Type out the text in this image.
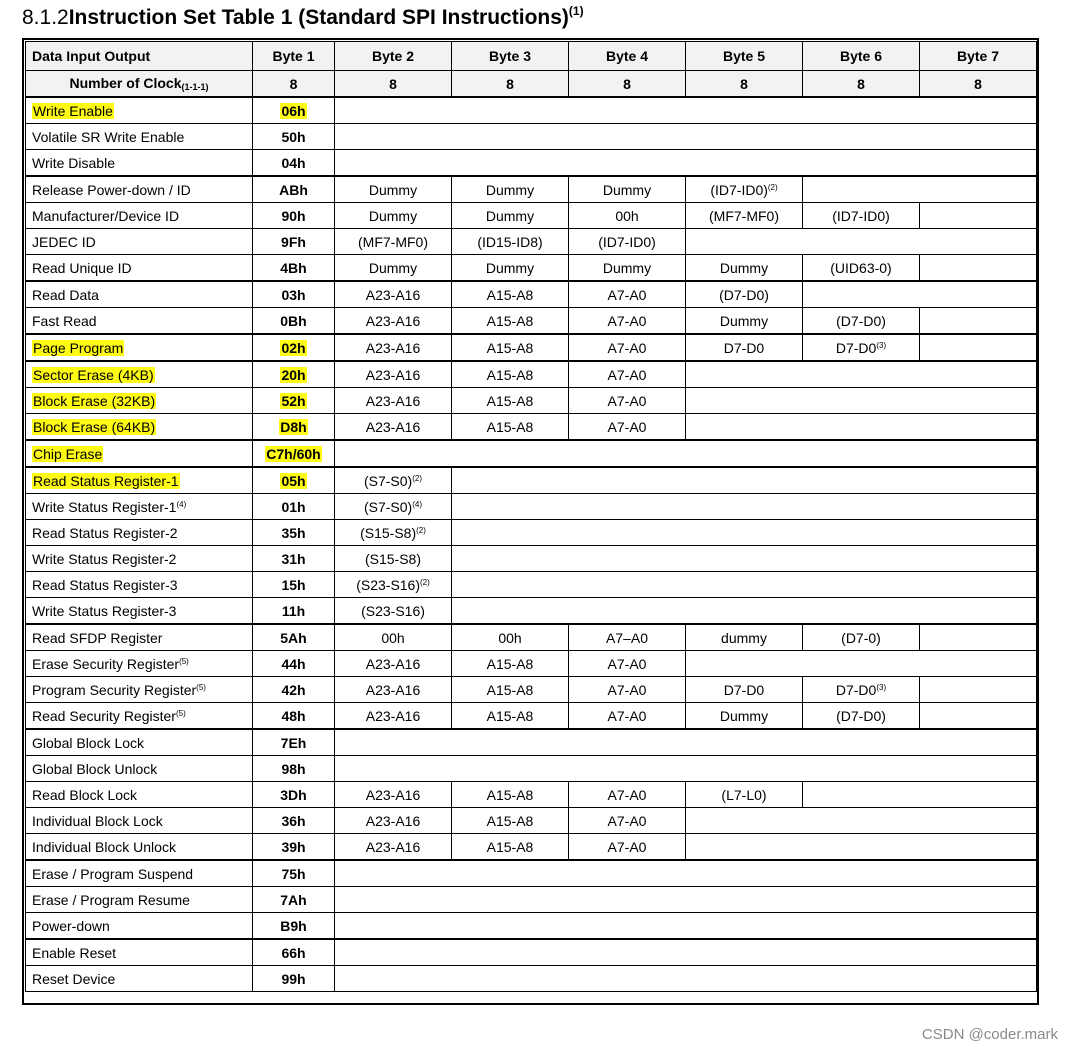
8.1.2Instruction Set Table 1 (Standard SPI Instructions)$^{(1)}$
Data Input Output	Byte 1	Byte 2	Byte 3	Byte 4	Byte 5	Byte 6	Byte 7
Number of Clock(1-1-1)	8	8	8	8	8	8	8
Write Enable	06h						
Volatile SR Write Enable	50h						
Write Disable	04h						
Release Power-down / ID	ABh	Dummy	Dummy	Dummy	$(ID7-ID0)^{(2)}$	
Manufacturer/Device ID	90h	Dummy	Dummy	00h	(MF7-MF0)	(ID7-ID0)	
JEDEC ID	9Fh	(MF7-MF0)	(ID15-ID8)	(ID7-ID0)			
Read Unique ID	4Bh	Dummy	Dummy	Dummy	Dummy	(UID63-0)	
Read Data	03h	A23-A16	A15-A8	A7-A0	(D7-D0)		
Fast Read	0Bh	A23-A16	A15-A8	A7-A0	Dummy	(D7-D0)	
Page Program	02h	A23-A16	A15-A8	A7-A0	D7-D0	D7-D0$^{(3)}$	
Sector Erase (4KB)	20h	A23-A16	A15-A8	A7-A0			
Block Erase (32KB)	52h	A23-A16	A15-A8	A7-A0			
Block Erase (64KB)	D8h	A23-A16	A15-A8	A7-A0			
Chip Erase	C7h/60h						
Read Status Register-1	05h	$(S7-S0)^{(2)}$	
Write Status Register-1$^{(4)}$	01h	$(S7-S0)^{(4)}$	
Read Status Register-2	35h	$(S15-S8)^{(2)}$	
Write Status Register-2	31h	(S15-S8)					
Read Status Register-3	15h	$(S23-S16)^{(2)}$	
Write Status Register-3	11h	(S23-S16)					
Read SFDP Register	5Ah	00h	00h	A7–A0	dummy	(D7-0)	
Erase Security Register$^{(5)}$	44h	A23-A16	A15-A8	A7-A0			
Program Security Register$^{(5)}$	42h	A23-A16	A15-A8	A7-A0	D7-D0	D7-D0$^{(3)}$	
Read Security Register$^{(5)}$	48h	A23-A16	A15-A8	A7-A0	Dummy	(D7-D0)	
Global Block Lock	7Eh						
Global Block Unlock	98h						
Read Block Lock	3Dh	A23-A16	A15-A8	A7-A0	(L7-L0)		
Individual Block Lock	36h	A23-A16	A15-A8	A7-A0			
Individual Block Unlock	39h	A23-A16	A15-A8	A7-A0			
Erase / Program Suspend	75h						
Erase / Program Resume	7Ah						
Power-down	B9h						
Enable Reset	66h						
Reset Device	99h						
CSDN @coder.mark
